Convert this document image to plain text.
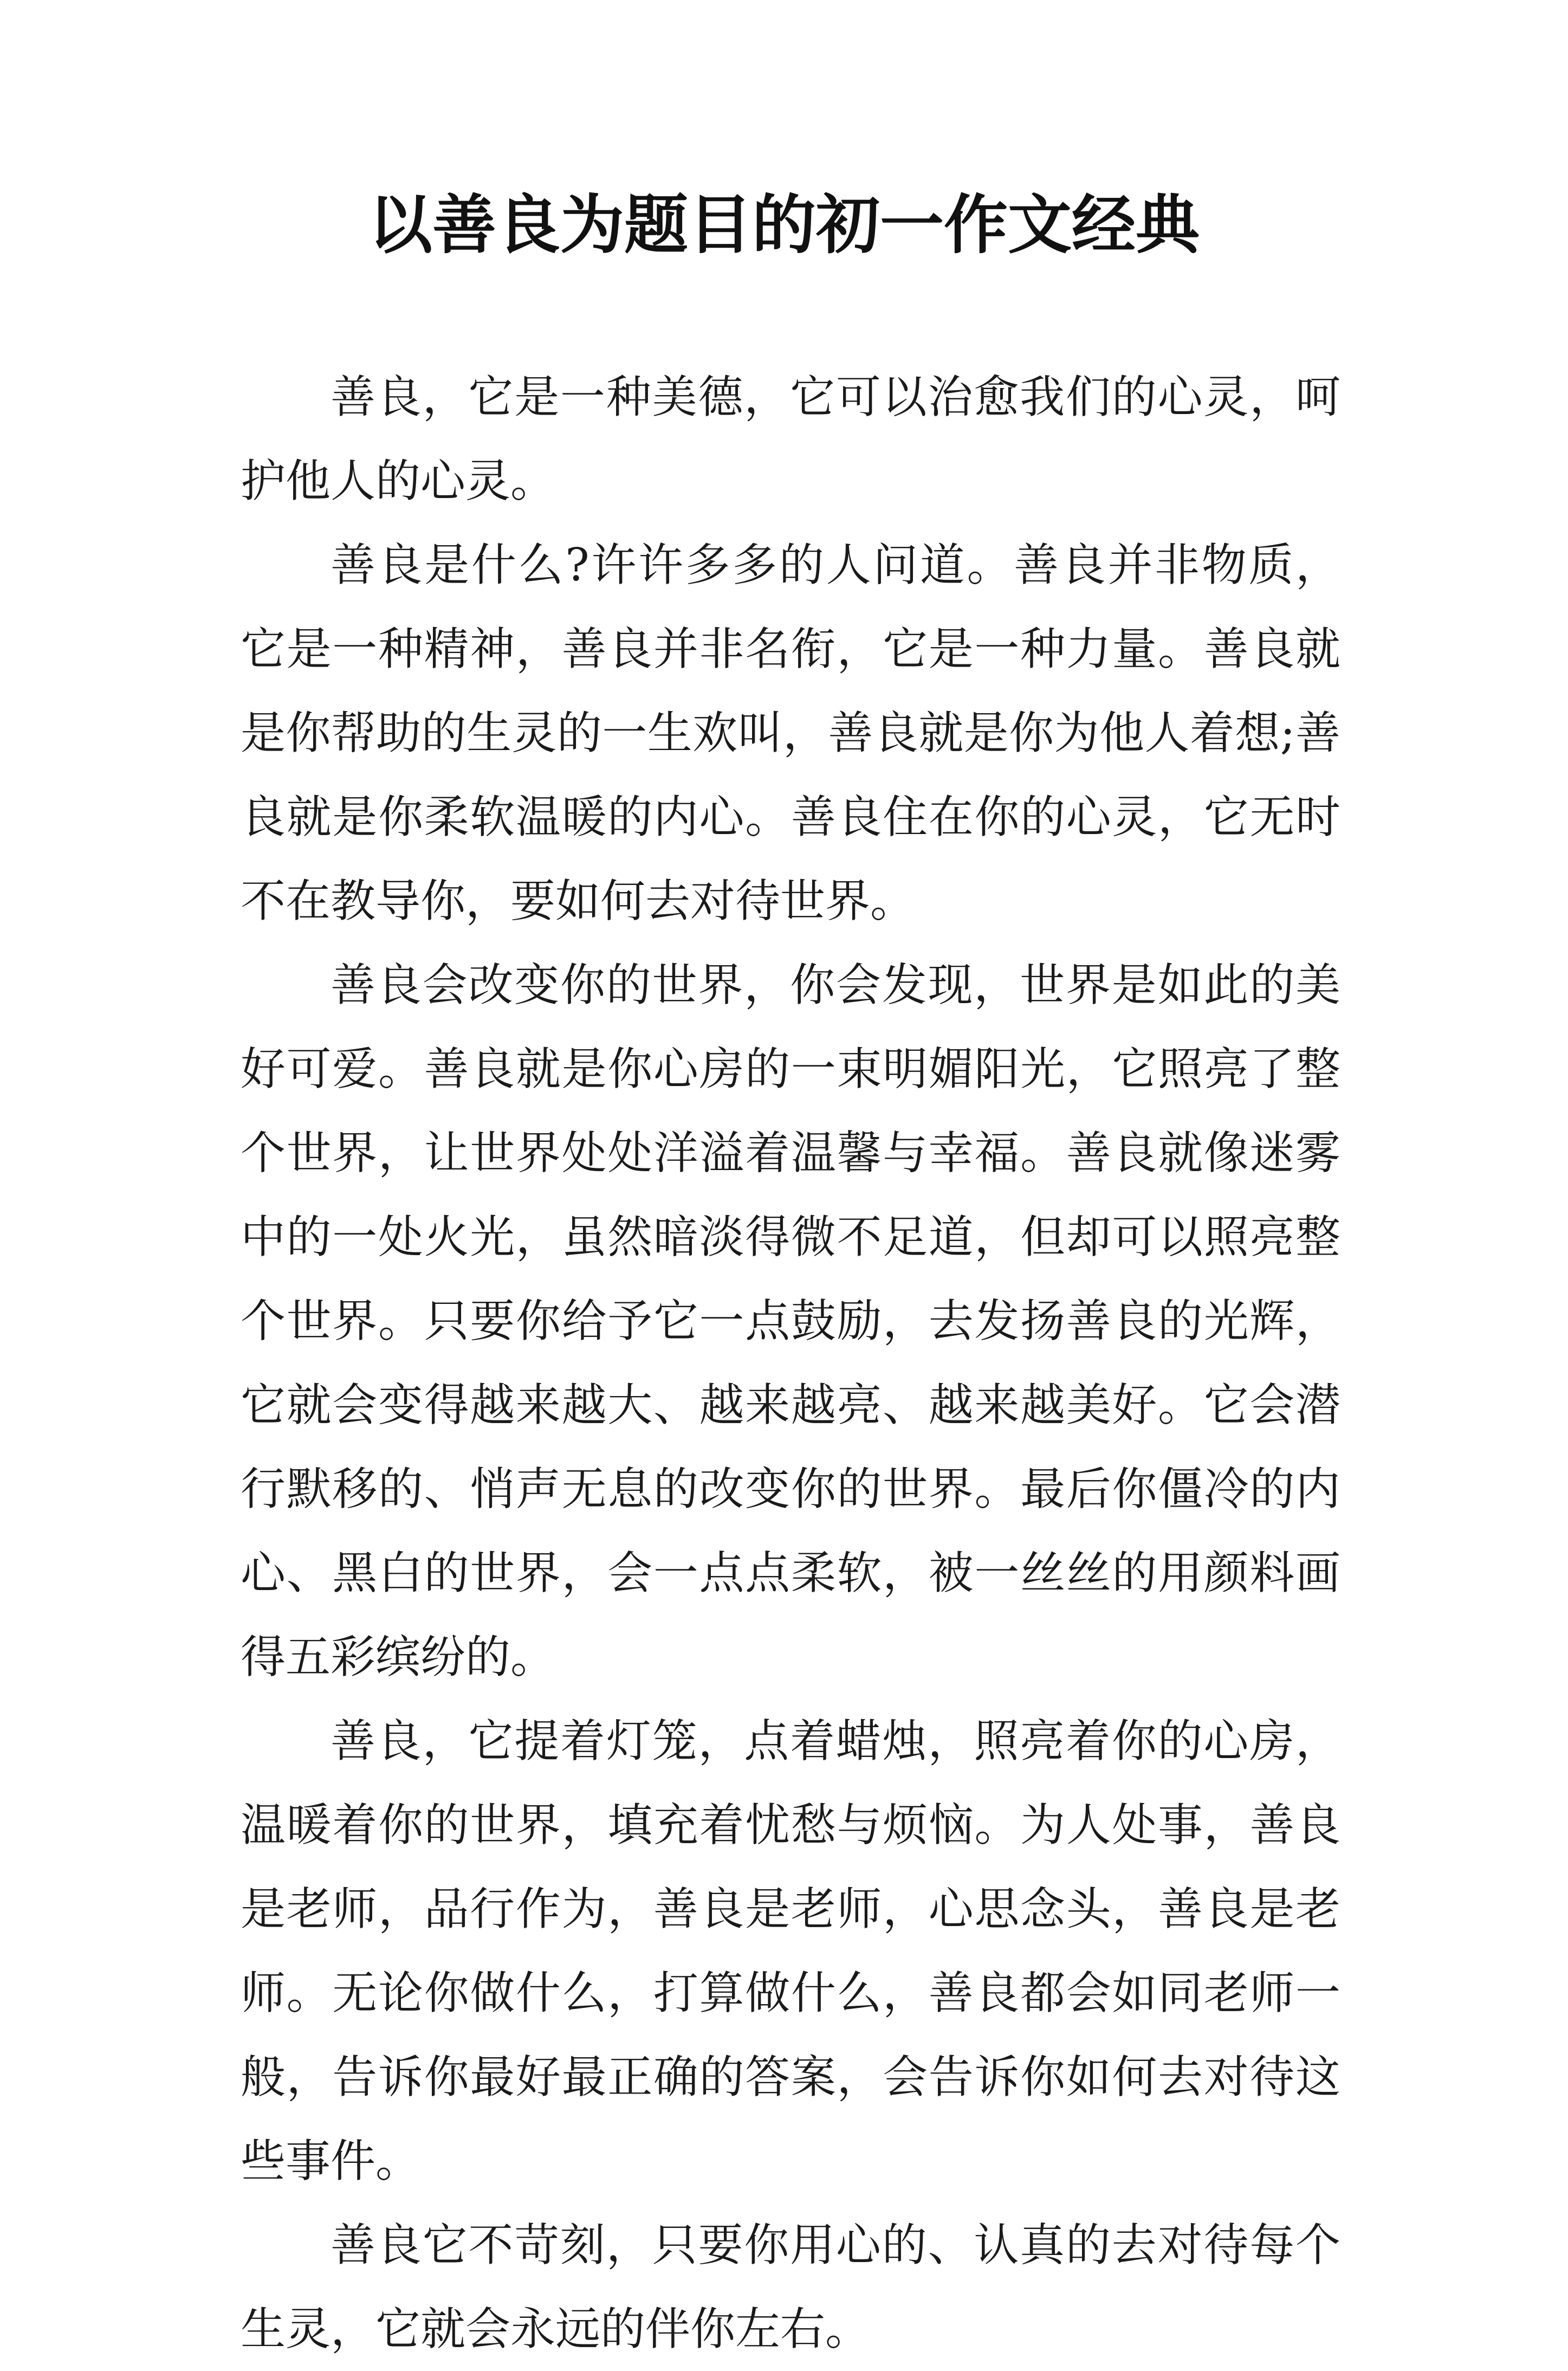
以善良为题目的初一作文经典

善良，它是一种美德，它可以治愈我们的心灵，呵护他人的心灵。

善良是什么?许许多多的人问道。善良并非物质，它是一种精神，善良并非名衔，它是一种力量。善良就是你帮助的生灵的一生欢叫，善良就是你为他人着想;善良就是你柔软温暖的内心。善良住在你的心灵，它无时不在教导你，要如何去对待世界。

善良会改变你的世界，你会发现，世界是如此的美好可爱。善良就是你心房的一束明媚阳光，它照亮了整个世界，让世界处处洋溢着温馨与幸福。善良就像迷雾中的一处火光，虽然暗淡得微不足道，但却可以照亮整个世界。只要你给予它一点鼓励，去发扬善良的光辉，它就会变得越来越大、越来越亮、越来越美好。它会潜行默移的、悄声无息的改变你的世界。最后你僵冷的内心、黑白的世界，会一点点柔软，被一丝丝的用颜料画得五彩缤纷的。

善良，它提着灯笼，点着蜡烛，照亮着你的心房，温暖着你的世界，填充着忧愁与烦恼。为人处事，善良是老师，品行作为，善良是老师，心思念头，善良是老师。无论你做什么，打算做什么，善良都会如同老师一般，告诉你最好最正确的答案，会告诉你如何去对待这些事件。

善良它不苛刻，只要你用心的、认真的去对待每个生灵，它就会永远的伴你左右。
